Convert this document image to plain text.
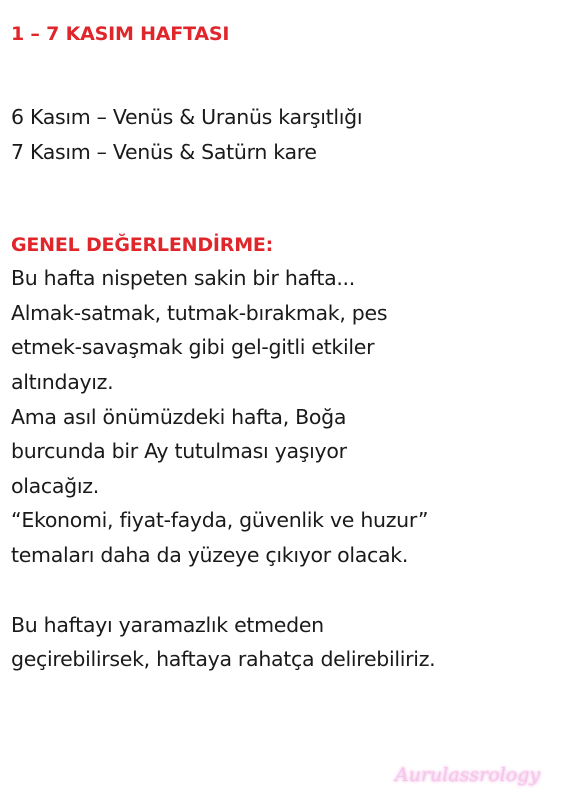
1 – 7 KASIM HAFTASI

6 Kasım – Venüs & Uranüs karşıtlığı

7 Kasım – Venüs & Satürn kare

GENEL DEĞERLENDİRME:

Bu hafta nispeten sakin bir hafta...

Almak-satmak, tutmak-bırakmak, pes

etmek-savaşmak gibi gel-gitli etkiler

altındayız.

Ama asıl önümüzdeki hafta, Boğa

burcunda bir Ay tutulması yaşıyor

olacağız.

“Ekonomi, fiyat-fayda, güvenlik ve huzur”

temaları daha da yüzeye çıkıyor olacak.

Bu haftayı yaramazlık etmeden

geçirebilirsek, haftaya rahatça delirebiliriz.

Aurulassrology
